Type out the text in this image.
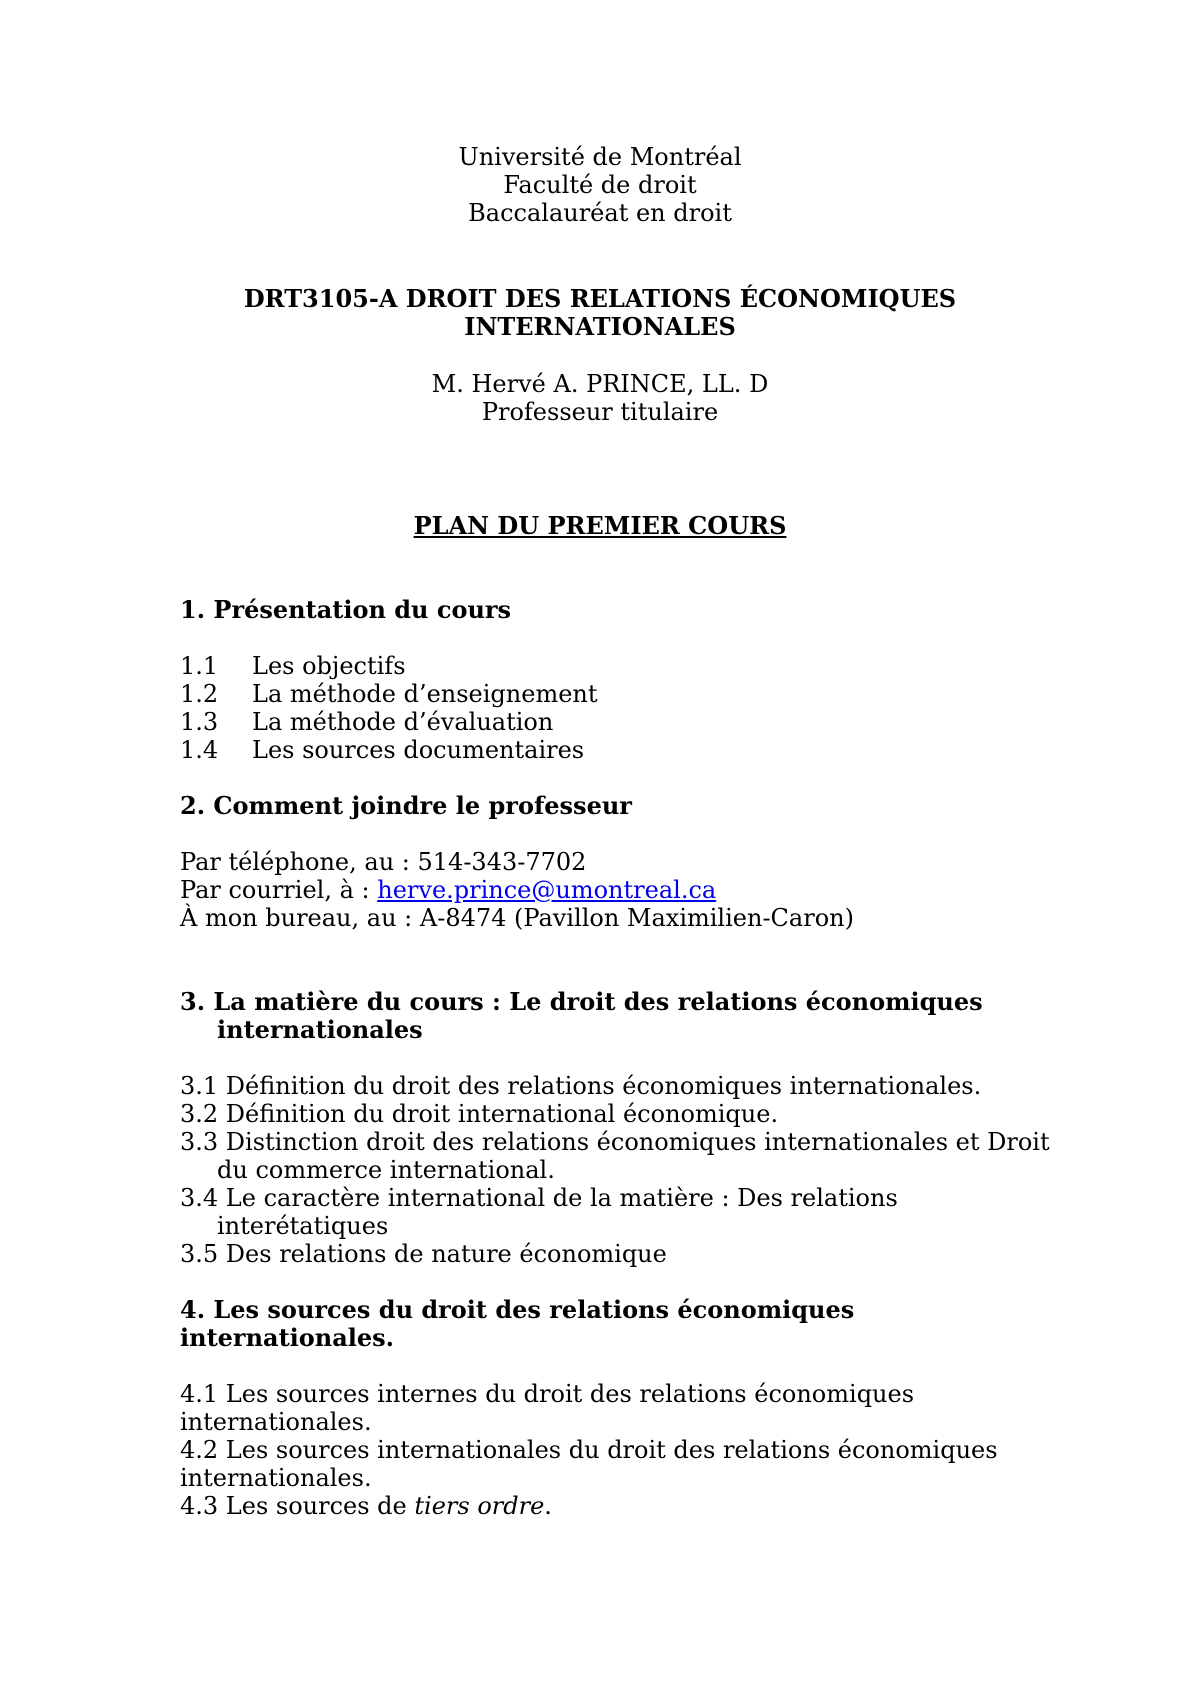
Université de Montréal
Faculté de droit
Baccalauréat en droit
DRT3105-A DROIT DES RELATIONS ÉCONOMIQUES
INTERNATIONALES
M. Hervé A. PRINCE, LL. D
Professeur titulaire
PLAN DU PREMIER COURS
1. Présentation du cours
1.1 Les objectifs
1.2 La méthode d’enseignement
1.3 La méthode d’évaluation
1.4 Les sources documentaires
2. Comment joindre le professeur
Par téléphone, au : 514-343-7702
Par courriel, à : herve.prince@umontreal.ca
À mon bureau, au : A-8474 (Pavillon Maximilien-Caron)
3. La matière du cours : Le droit des relations économiques
internationales
3.1 Définition du droit des relations économiques internationales.
3.2 Définition du droit international économique.
3.3 Distinction droit des relations économiques internationales et Droit
du commerce international.
3.4 Le caractère international de la matière : Des relations
interétatiques
3.5 Des relations de nature économique
4. Les sources du droit des relations économiques
internationales.
4.1 Les sources internes du droit des relations économiques
internationales.
4.2 Les sources internationales du droit des relations économiques
internationales.
4.3 Les sources de tiers ordre.
